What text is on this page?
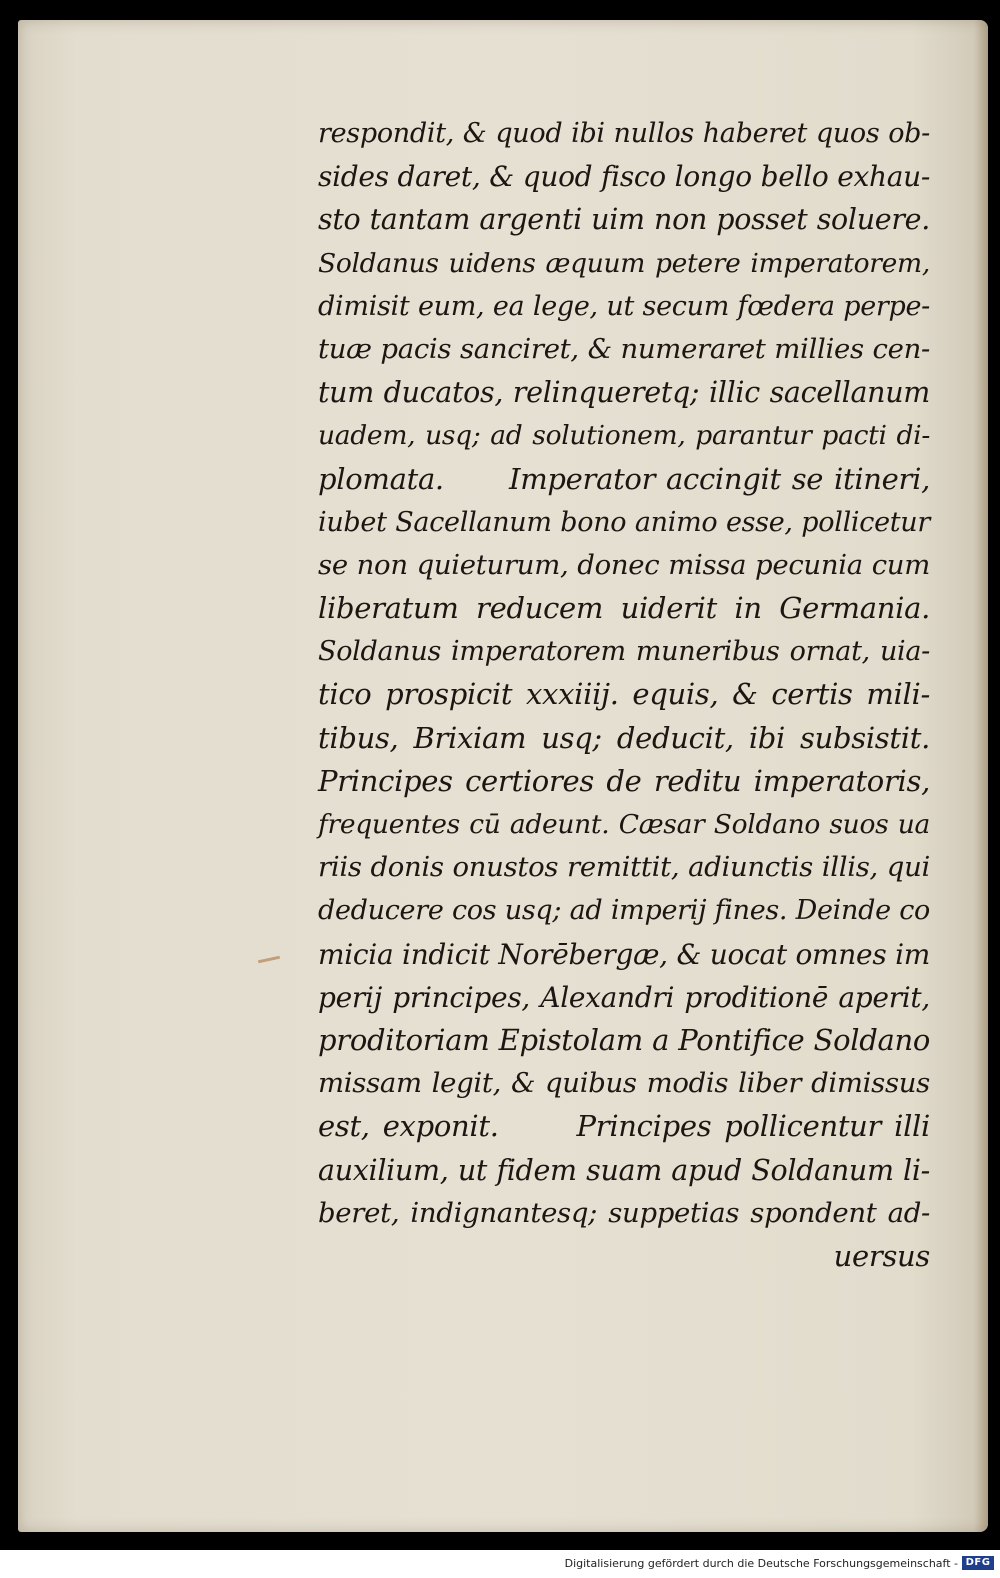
respondit, & quod ibi nullos haberet quos ob-
sides daret, & quod fisco longo bello exhau-
sto tantam argenti uim non posset soluere.
Soldanus uidens æquum petere imperatorem,
dimisit eum, ea lege, ut secum fœdera perpe-
tuæ pacis sanciret, & numeraret millies cen-
tum ducatos, relinqueretq; illic sacellanum
uadem, usq; ad solutionem, parantur pacti di-
plomata.      Imperator accingit se itineri,
iubet Sacellanum bono animo esse, pollicetur
se non quieturum, donec missa pecunia cum
liberatum reducem uiderit in Germania.
Soldanus imperatorem muneribus ornat, uia-
tico prospicit xxxiiij. equis, & certis mili-
tibus, Brixiam usq; deducit, ibi subsistit.
Principes certiores de reditu imperatoris,
frequentes cū adeunt. Cæsar Soldano suos ua
riis donis onustos remittit, adiunctis illis, qui
deducere cos usq; ad imperij fines. Deinde co
micia indicit Norēbergæ, & uocat omnes im
perij principes, Alexandri proditionē aperit,
proditoriam Epistolam a Pontifice Soldano
missam legit, & quibus modis liber dimissus
est, exponit.      Principes pollicentur illi
auxilium, ut fidem suam apud Soldanum li-
beret, indignantesq; suppetias spondent ad-
uersus
Digitalisierung gefördert durch die Deutsche Forschungsgemeinschaft - DFG
